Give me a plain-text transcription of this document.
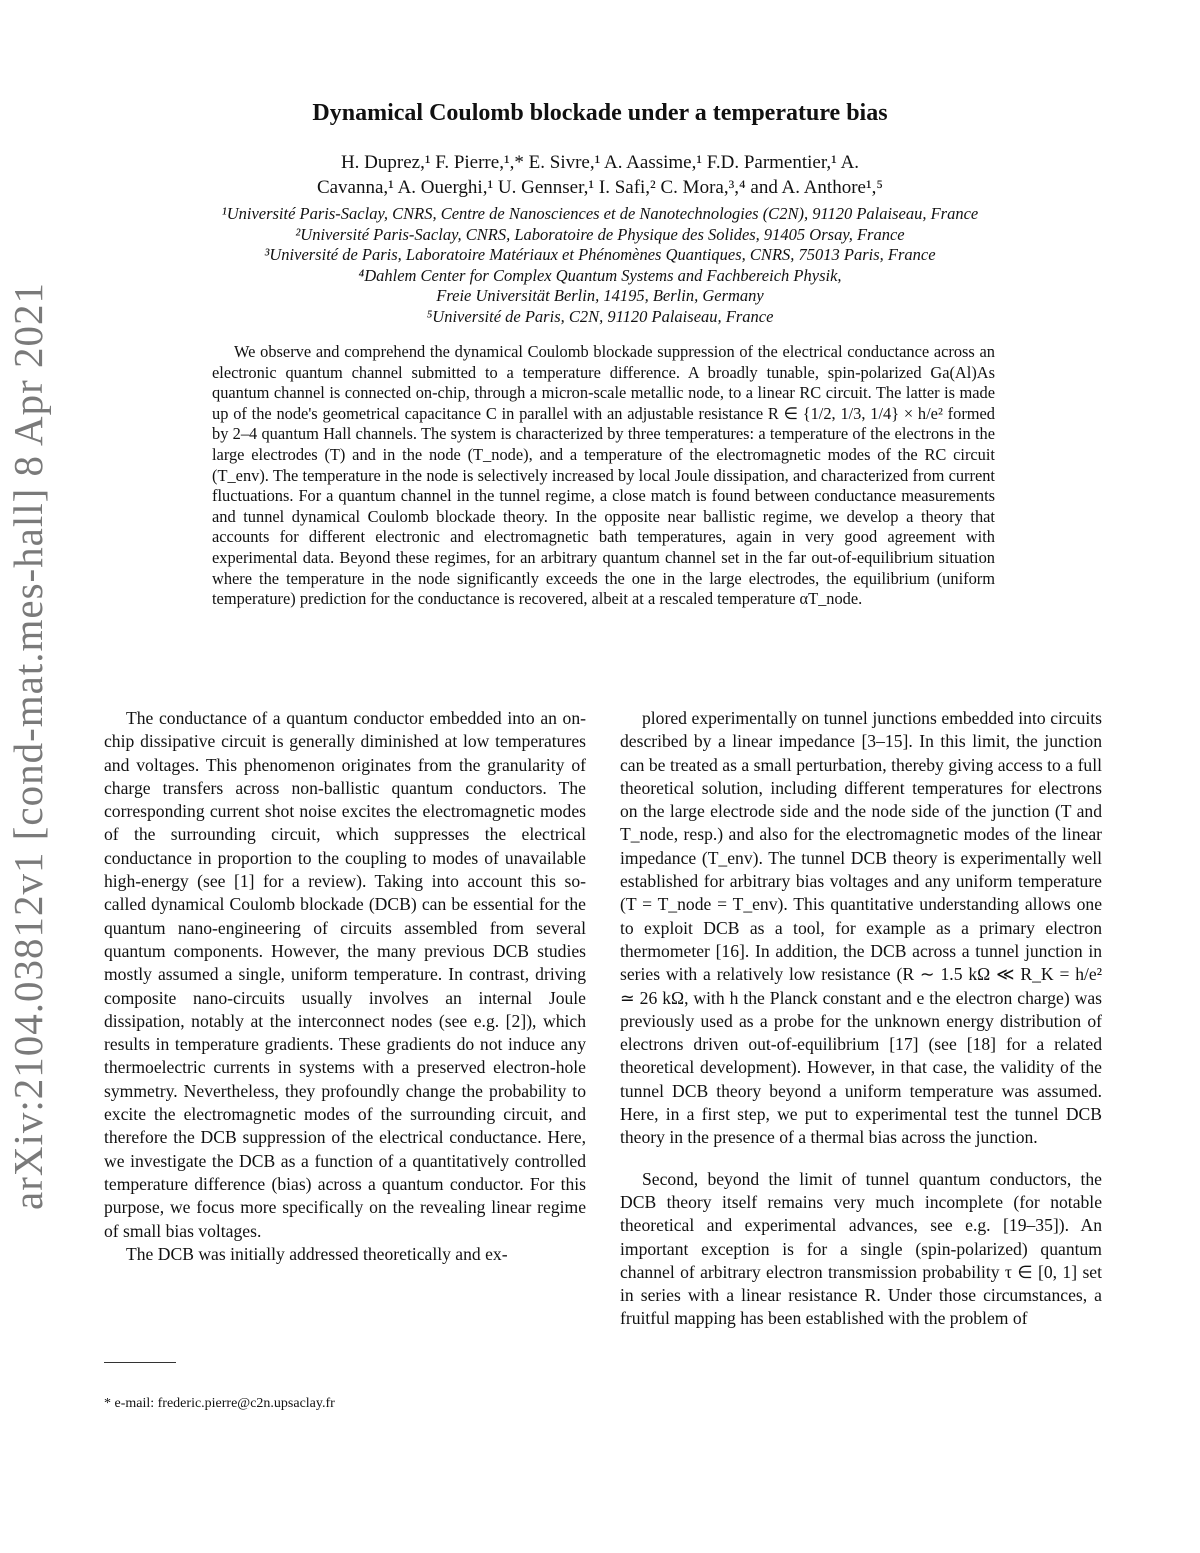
arXiv:2104.03812v1 [cond-mat.mes-hall] 8 Apr 2021
Dynamical Coulomb blockade under a temperature bias
H. Duprez,¹ F. Pierre,¹,* E. Sivre,¹ A. Aassime,¹ F.D. Parmentier,¹ A.
Cavanna,¹ A. Ouerghi,¹ U. Gennser,¹ I. Safi,² C. Mora,³,⁴ and A. Anthore¹,⁵
¹Université Paris-Saclay, CNRS, Centre de Nanosciences et de Nanotechnologies (C2N), 91120 Palaiseau, France
²Université Paris-Saclay, CNRS, Laboratoire de Physique des Solides, 91405 Orsay, France
³Université de Paris, Laboratoire Matériaux et Phénomènes Quantiques, CNRS, 75013 Paris, France
⁴Dahlem Center for Complex Quantum Systems and Fachbereich Physik,
Freie Universität Berlin, 14195, Berlin, Germany
⁵Université de Paris, C2N, 91120 Palaiseau, France
We observe and comprehend the dynamical Coulomb blockade suppression of the electrical conductance across an electronic quantum channel submitted to a temperature difference. A broadly tunable, spin-polarized Ga(Al)As quantum channel is connected on-chip, through a micron-scale metallic node, to a linear RC circuit. The latter is made up of the node's geometrical capacitance C in parallel with an adjustable resistance R ∈ {1/2, 1/3, 1/4} × h/e² formed by 2–4 quantum Hall channels. The system is characterized by three temperatures: a temperature of the electrons in the large electrodes (T) and in the node (T_node), and a temperature of the electromagnetic modes of the RC circuit (T_env). The temperature in the node is selectively increased by local Joule dissipation, and characterized from current fluctuations. For a quantum channel in the tunnel regime, a close match is found between conductance measurements and tunnel dynamical Coulomb blockade theory. In the opposite near ballistic regime, we develop a theory that accounts for different electronic and electromagnetic bath temperatures, again in very good agreement with experimental data. Beyond these regimes, for an arbitrary quantum channel set in the far out-of-equilibrium situation where the temperature in the node significantly exceeds the one in the large electrodes, the equilibrium (uniform temperature) prediction for the conductance is recovered, albeit at a rescaled temperature αT_node.

The conductance of a quantum conductor embedded into an on-chip dissipative circuit is generally diminished at low temperatures and voltages. This phenomenon originates from the granularity of charge transfers across non-ballistic quantum conductors. The corresponding current shot noise excites the electromagnetic modes of the surrounding circuit, which suppresses the electrical conductance in proportion to the coupling to modes of unavailable high-energy (see [1] for a review). Taking into account this so-called dynamical Coulomb blockade (DCB) can be essential for the quantum nano-engineering of circuits assembled from several quantum components. However, the many previous DCB studies mostly assumed a single, uniform temperature. In contrast, driving composite nano-circuits usually involves an internal Joule dissipation, notably at the interconnect nodes (see e.g. [2]), which results in temperature gradients. These gradients do not induce any thermoelectric currents in systems with a preserved electron-hole symmetry. Nevertheless, they profoundly change the probability to excite the electromagnetic modes of the surrounding circuit, and therefore the DCB suppression of the electrical conductance. Here, we investigate the DCB as a function of a quantitatively controlled temperature difference (bias) across a quantum conductor. For this purpose, we focus more specifically on the revealing linear regime of small bias voltages.

The DCB was initially addressed theoretically and ex-

plored experimentally on tunnel junctions embedded into circuits described by a linear impedance [3–15]. In this limit, the junction can be treated as a small perturbation, thereby giving access to a full theoretical solution, including different temperatures for electrons on the large electrode side and the node side of the junction (T and T_node, resp.) and also for the electromagnetic modes of the linear impedance (T_env). The tunnel DCB theory is experimentally well established for arbitrary bias voltages and any uniform temperature (T = T_node = T_env). This quantitative understanding allows one to exploit DCB as a tool, for example as a primary electron thermometer [16]. In addition, the DCB across a tunnel junction in series with a relatively low resistance (R ∼ 1.5 kΩ ≪ R_K = h/e² ≃ 26 kΩ, with h the Planck constant and e the electron charge) was previously used as a probe for the unknown energy distribution of electrons driven out-of-equilibrium [17] (see [18] for a related theoretical development). However, in that case, the validity of the tunnel DCB theory beyond a uniform temperature was assumed. Here, in a first step, we put to experimental test the tunnel DCB theory in the presence of a thermal bias across the junction.

Second, beyond the limit of tunnel quantum conductors, the DCB theory itself remains very much incomplete (for notable theoretical and experimental advances, see e.g. [19–35]). An important exception is for a single (spin-polarized) quantum channel of arbitrary electron transmission probability τ ∈ [0, 1] set in series with a linear resistance R. Under those circumstances, a fruitful mapping has been established with the problem of

* e-mail: frederic.pierre@c2n.upsaclay.fr
